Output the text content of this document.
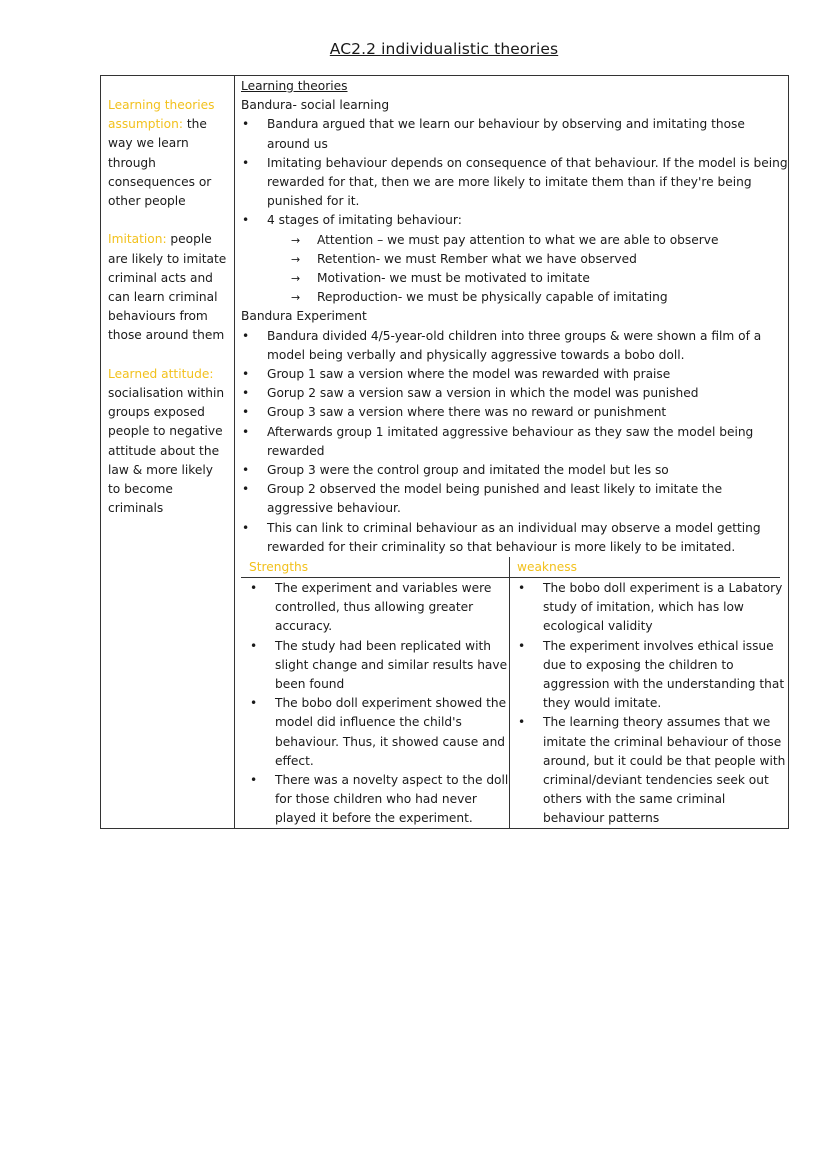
AC2.2 individualistic theories

Learning theories assumption: the way we learn through consequences or other people

Imitation: people are likely to imitate criminal acts and can learn criminal behaviours from those around them

Learned attitude: socialisation within groups exposed people to negative attitude about the law & more likely to become criminals

Learning theories
Bandura- social learning
• Bandura argued that we learn our behaviour by observing and imitating those around us
• Imitating behaviour depends on consequence of that behaviour. If the model is being rewarded for that, then we are more likely to imitate them than if they're being punished for it.
• 4 stages of imitating behaviour:
→ Attention – we must pay attention to what we are able to observe
→ Retention- we must Rember what we have observed
→ Motivation- we must be motivated to imitate
→ Reproduction- we must be physically capable of imitating
Bandura Experiment
• Bandura divided 4/5-year-old children into three groups & were shown a film of a model being verbally and physically aggressive towards a bobo doll.
• Group 1 saw a version where the model was rewarded with praise
• Gorup 2 saw a version saw a version in which the model was punished
• Group 3 saw a version where there was no reward or punishment
• Afterwards group 1 imitated aggressive behaviour as they saw the model being rewarded
• Group 3 were the control group and imitated the model but les so
• Group 2 observed the model being punished and least likely to imitate the aggressive behaviour.
• This can link to criminal behaviour as an individual may observe a model getting rewarded for their criminality so that behaviour is more likely to be imitated.
Strengths
• The experiment and variables were controlled, thus allowing greater accuracy.
• The study had been replicated with slight change and similar results have been found
• The bobo doll experiment showed the model did influence the child's behaviour. Thus, it showed cause and effect.
• There was a novelty aspect to the doll for those children who had never played it before the experiment.
weakness
• The bobo doll experiment is a Labatory study of imitation, which has low ecological validity
• The experiment involves ethical issue due to exposing the children to aggression with the understanding that they would imitate.
• The learning theory assumes that we imitate the criminal behaviour of those around, but it could be that people with criminal/deviant tendencies seek out others with the same criminal behaviour patterns
